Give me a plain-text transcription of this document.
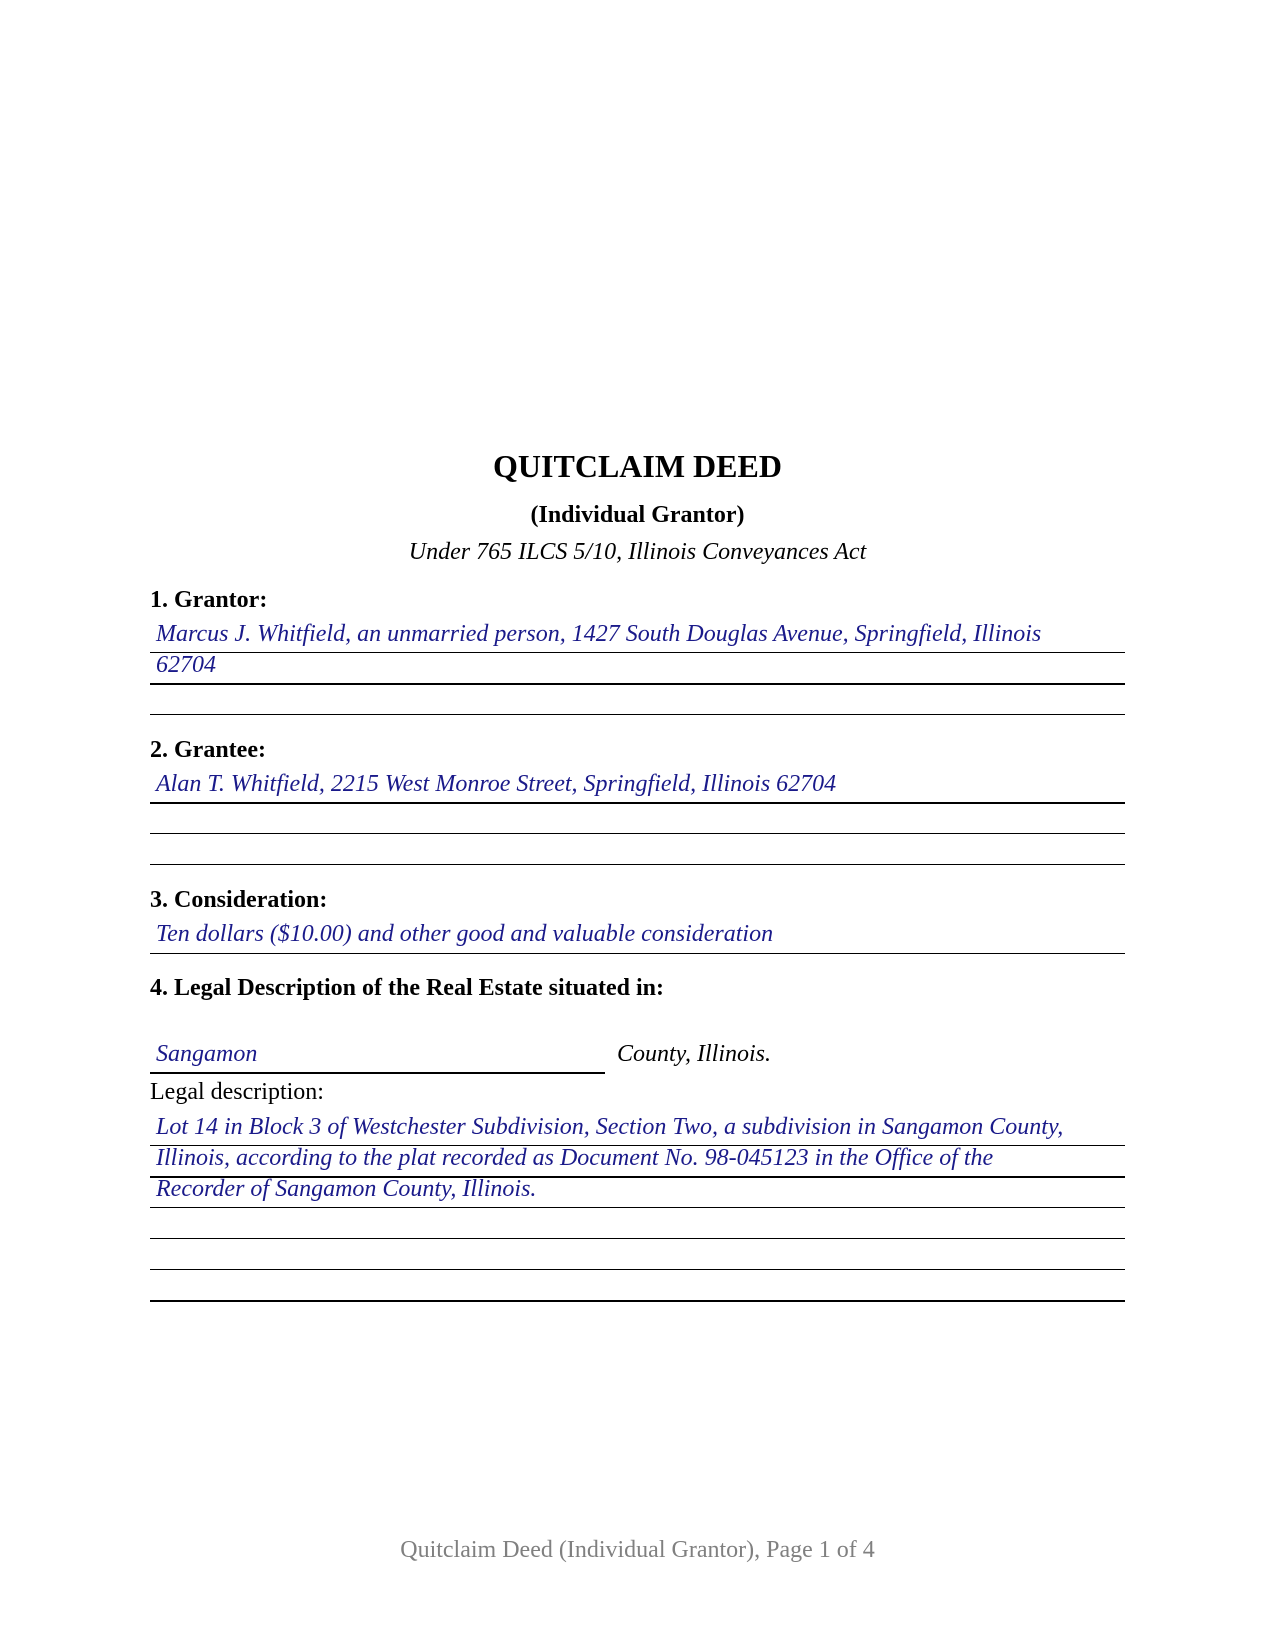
QUITCLAIM DEED
(Individual Grantor)
Under 765 ILCS 5/10, Illinois Conveyances Act
1. Grantor:
Marcus J. Whitfield, an unmarried person, 1427 South Douglas Avenue, Springfield, Illinois
62704
2. Grantee:
Alan T. Whitfield, 2215 West Monroe Street, Springfield, Illinois 62704
3. Consideration:
Ten dollars ($10.00) and other good and valuable consideration
4. Legal Description of the Real Estate situated in:
Sangamon	County, Illinois.
Legal description:
Lot 14 in Block 3 of Westchester Subdivision, Section Two, a subdivision in Sangamon County,
Illinois, according to the plat recorded as Document No. 98-045123 in the Office of the
Recorder of Sangamon County, Illinois.
Quitclaim Deed (Individual Grantor), Page 1 of 4
